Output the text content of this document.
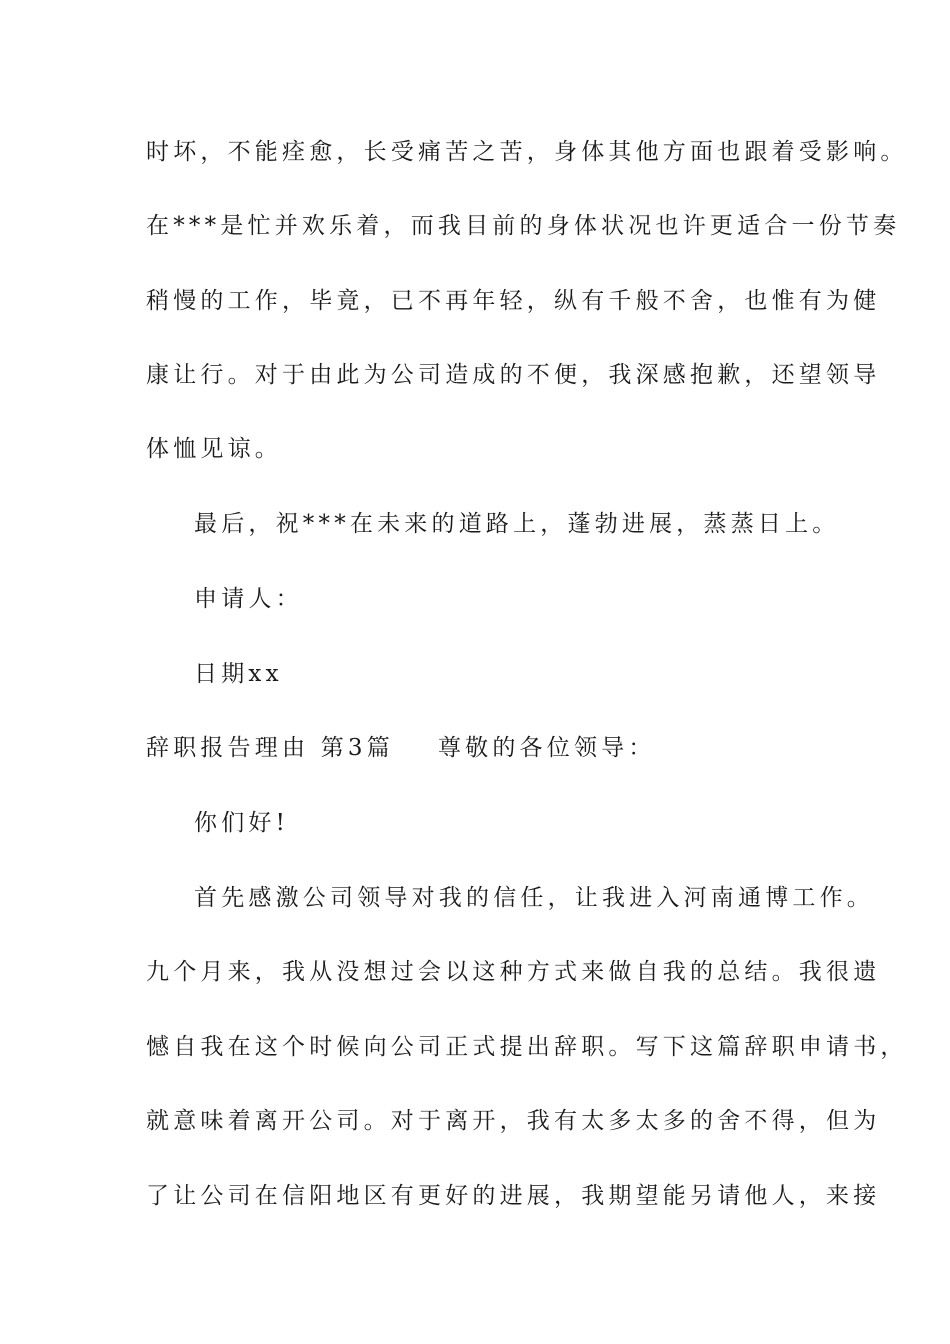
时坏，不能痊愈，长受痛苦之苦，身体其他方面也跟着受影响。
在***是忙并欢乐着，而我目前的身体状况也许更适合一份节奏
稍慢的工作，毕竟，已不再年轻，纵有千般不舍，也惟有为健
康让行。对于由此为公司造成的不便，我深感抱歉，还望领导
体恤见谅。
最后，祝***在未来的道路上，蓬勃进展，蒸蒸日上。
申请人：
日期xx
辞职报告理由 第3篇 尊敬的各位领导：
你们好!
首先感激公司领导对我的信任，让我进入河南通博工作。
九个月来，我从没想过会以这种方式来做自我的总结。我很遗
憾自我在这个时候向公司正式提出辞职。写下这篇辞职申请书，
就意味着离开公司。对于离开，我有太多太多的舍不得，但为
了让公司在信阳地区有更好的进展，我期望能另请他人，来接
